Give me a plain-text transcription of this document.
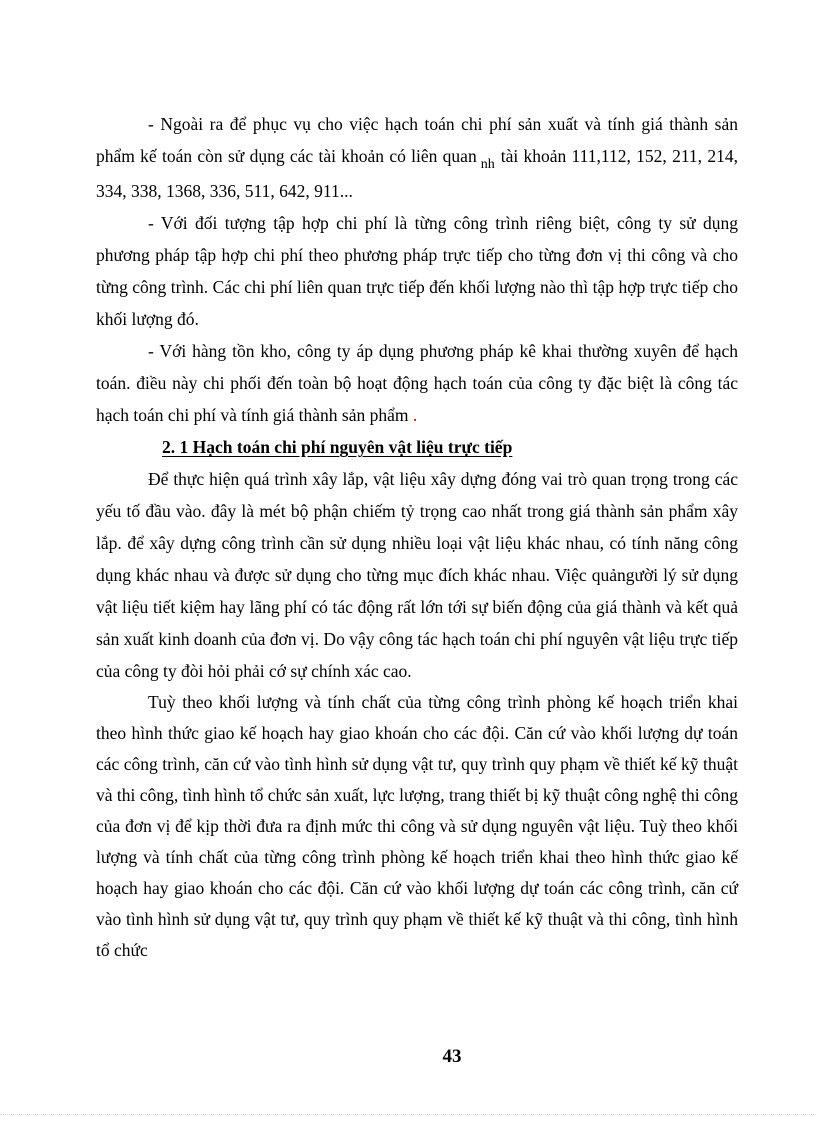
- Ngoài ra để phục vụ cho việc hạch toán chi phí sản xuất và tính giá thành sản phẩm kế toán còn sử dụng các tài khoản có liên quan $_{nh}$ tài khoản 111,112, 152, 211, 214, 334, 338, 1368, 336, 511, 642, 911...

- Với đối tượng tập hợp chi phí là từng công trình riêng biệt, công ty sử dụng phương pháp tập hợp chi phí theo phương pháp trực tiếp cho từng đơn vị thi công và cho từng công trình. Các chi phí liên quan trực tiếp đến khối lượng nào thì tập hợp trực tiếp cho khối lượng đó.

- Với hàng tồn kho, công ty áp dụng phương pháp kê khai thường xuyên để hạch toán. điều này chi phối đến toàn bộ hoạt động hạch toán của công ty đặc biệt là công tác hạch toán chi phí và tính giá thành sản phẩm .

2. 1 Hạch toán chi phí nguyên vật liệu trực tiếp

Để thực hiện quá trình xây lắp, vật liệu xây dựng đóng vai trò quan trọng trong các yếu tố đầu vào. đây là mét bộ phận chiếm tỷ trọng cao nhất trong giá thành sản phẩm xây lắp. để xây dựng công trình cần sử dụng nhiều loại vật liệu khác nhau, có tính năng công dụng khác nhau và được sử dụng cho từng mục đích khác nhau. Việc quảngười lý sử dụng vật liệu tiết kiệm hay lãng phí có tác động rất lớn tới sự biến động của giá thành và kết quả sản xuất kinh doanh của đơn vị. Do vậy công tác hạch toán chi phí nguyên vật liệu trực tiếp của công ty đòi hỏi phải cớ sự chính xác cao.

Tuỳ theo khối lượng và tính chất của từng công trình phòng kế hoạch triển khai theo hình thức giao kế hoạch hay giao khoán cho các đội. Căn cứ vào khối lượng dự toán các công trình, căn cứ vào tình hình sử dụng vật tư, quy trình quy phạm về thiết kế kỹ thuật và thi công, tình hình tổ chức sản xuất, lực lượng, trang thiết bị kỹ thuật công nghệ thi công của đơn vị để kịp thời đưa ra định mức thi công và sử dụng nguyên vật liệu. Tuỳ theo khối lượng và tính chất của từng công trình phòng kế hoạch triển khai theo hình thức giao kế hoạch hay giao khoán cho các đội. Căn cứ vào khối lượng dự toán các công trình, căn cứ vào tình hình sử dụng vật tư, quy trình quy phạm về thiết kế kỹ thuật và thi công, tình hình tổ chức

43
